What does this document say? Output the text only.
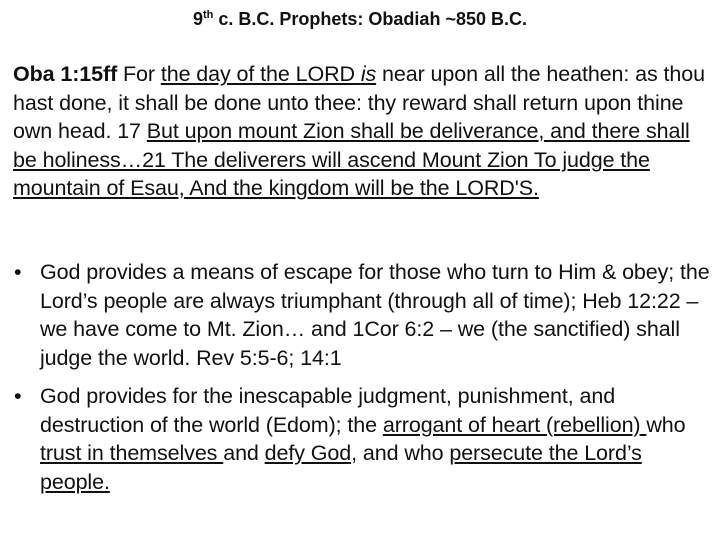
9th c. B.C. Prophets: Obadiah ~850 B.C.
Oba 1:15ff For the day of the LORD is near upon all the heathen: as thou hast done, it shall be done unto thee: thy reward shall return upon thine own head. 17 But upon mount Zion shall be deliverance, and there shall be holiness…21 The deliverers will ascend Mount Zion To judge the mountain of Esau, And the kingdom will be the LORD'S.
• God provides a means of escape for those who turn to Him & obey; the Lord’s people are always triumphant (through all of time); Heb 12:22 – we have come to Mt. Zion… and 1Cor 6:2 – we (the sanctified) shall judge the world. Rev 5:5-6; 14:1
• God provides for the inescapable judgment, punishment, and destruction of the world (Edom); the arrogant of heart (rebellion) who trust in themselves and defy God, and who persecute the Lord’s people.
